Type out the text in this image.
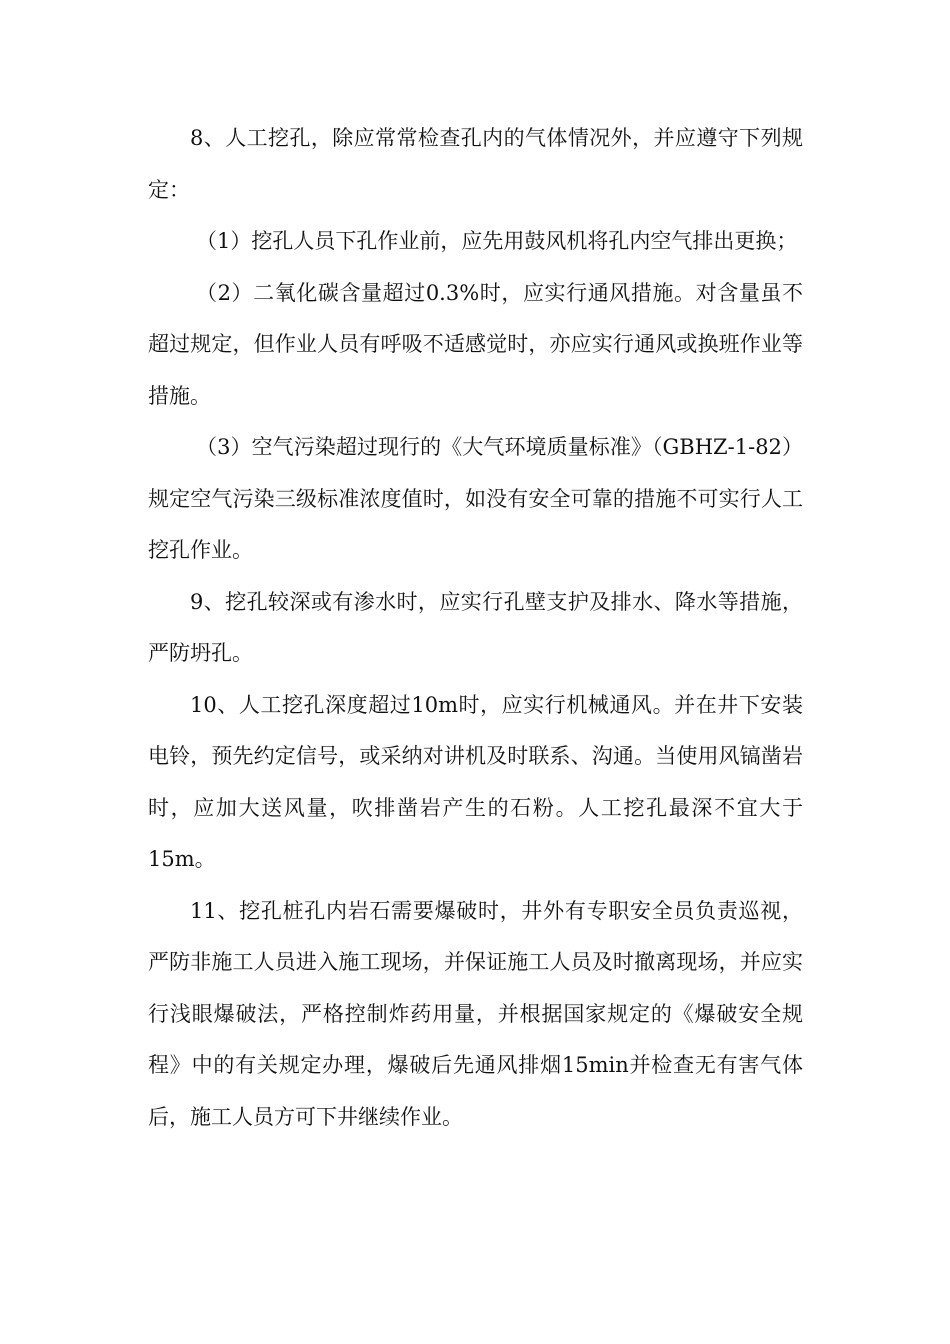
8、人工挖孔，除应常常检查孔内的气体情况外，并应遵守下列规定：

（1）挖孔人员下孔作业前，应先用鼓风机将孔内空气排出更换；

（2）二氧化碳含量超过0.3%时，应实行通风措施。对含量虽不超过规定，但作业人员有呼吸不适感觉时，亦应实行通风或换班作业等措施。

（3）空气污染超过现行的《大气环境质量标准》（GBHZ-1-82）规定空气污染三级标准浓度值时，如没有安全可靠的措施不可实行人工挖孔作业。

9、挖孔较深或有渗水时，应实行孔壁支护及排水、降水等措施，严防坍孔。

10、人工挖孔深度超过10m时，应实行机械通风。并在井下安装电铃，预先约定信号，或采纳对讲机及时联系、沟通。当使用风镐凿岩时，应加大送风量，吹排凿岩产生的石粉。人工挖孔最深不宜大于15m。

11、挖孔桩孔内岩石需要爆破时，井外有专职安全员负责巡视，严防非施工人员进入施工现场，并保证施工人员及时撤离现场，并应实行浅眼爆破法，严格控制炸药用量，并根据国家规定的《爆破安全规程》中的有关规定办理，爆破后先通风排烟15min并检查无有害气体后，施工人员方可下井继续作业。
